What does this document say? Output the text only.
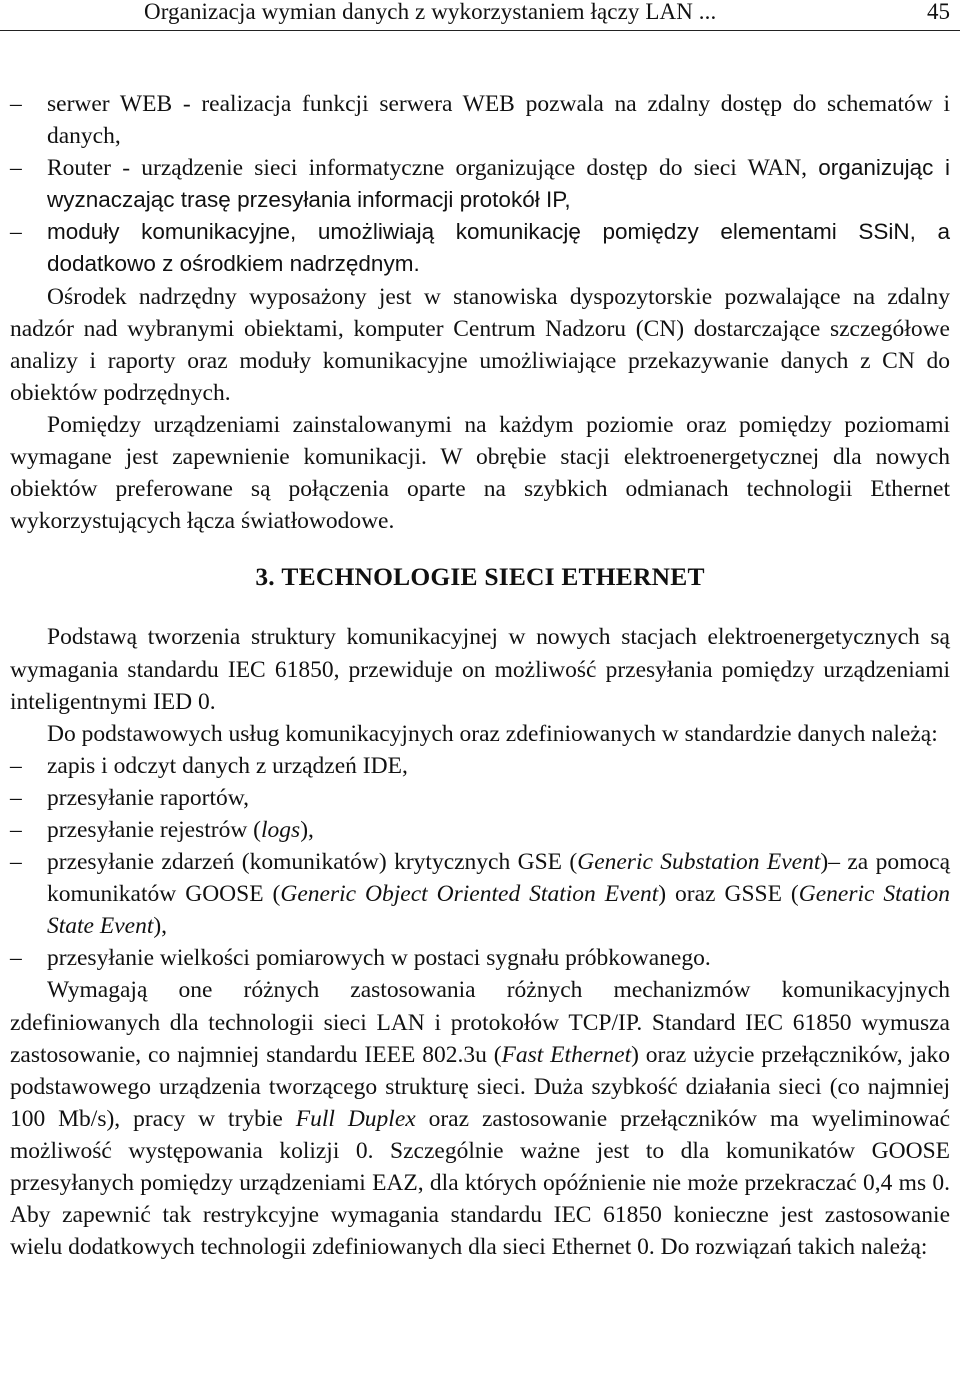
Organizacja wymian danych z wykorzystaniem łączy LAN ...	45
–	serwer WEB - realizacja funkcji serwera WEB pozwala na zdalny dostęp do schematów i danych,
–	Router - urządzenie sieci informatyczne organizujące dostęp do sieci WAN, organizując i wyznaczając trasę przesyłania informacji protokół IP,
–	moduły komunikacyjne, umożliwiają komunikację pomiędzy elementami SSiN, a dodatkowo z ośrodkiem nadrzędnym.

Ośrodek nadrzędny wyposażony jest w stanowiska dyspozytorskie pozwalające na zdalny nadzór nad wybranymi obiektami, komputer Centrum Nadzoru (CN) dostarczające szczegółowe analizy i raporty oraz moduły komunikacyjne umożliwiające przekazywanie danych z CN do obiektów podrzędnych.

Pomiędzy urządzeniami zainstalowanymi na każdym poziomie oraz pomiędzy poziomami wymagane jest zapewnienie komunikacji. W obrębie stacji elektroenergetycznej dla nowych obiektów preferowane są połączenia oparte na szybkich odmianach technologii Ethernet wykorzystujących łącza światłowodowe.

3. TECHNOLOGIE SIECI ETHERNET

Podstawą tworzenia struktury komunikacyjnej w nowych stacjach elektroenergetycznych są wymagania standardu IEC 61850, przewiduje on możliwość przesyłania pomiędzy urządzeniami inteligentnymi IED 0.

Do podstawowych usług komunikacyjnych oraz zdefiniowanych w standardzie danych należą:

–	zapis i odczyt danych z urządzeń IDE,
–	przesyłanie raportów,
–	przesyłanie rejestrów (logs),
–	przesyłanie zdarzeń (komunikatów) krytycznych GSE (Generic Substation Event)– za pomocą komunikatów GOOSE (Generic Object Oriented Station Event) oraz GSSE (Generic Station State Event),
–	przesyłanie wielkości pomiarowych w postaci sygnału próbkowanego.

Wymagają one różnych zastosowania różnych mechanizmów komunikacyjnych zdefiniowanych dla technologii sieci LAN i protokołów TCP/IP. Standard IEC 61850 wymusza zastosowanie, co najmniej standardu IEEE 802.3u (Fast Ethernet) oraz użycie przełączników, jako podstawowego urządzenia tworzącego strukturę sieci. Duża szybkość działania sieci (co najmniej 100 Mb/s), pracy w trybie Full Duplex oraz zastosowanie przełączników ma wyeliminować możliwość występowania kolizji 0. Szczególnie ważne jest to dla komunikatów GOOSE przesyłanych pomiędzy urządzeniami EAZ, dla których opóźnienie nie może przekraczać 0,4 ms 0. Aby zapewnić tak restrykcyjne wymagania standardu IEC 61850 konieczne jest zastosowanie wielu dodatkowych technologii zdefiniowanych dla sieci Ethernet 0. Do rozwiązań takich należą:
